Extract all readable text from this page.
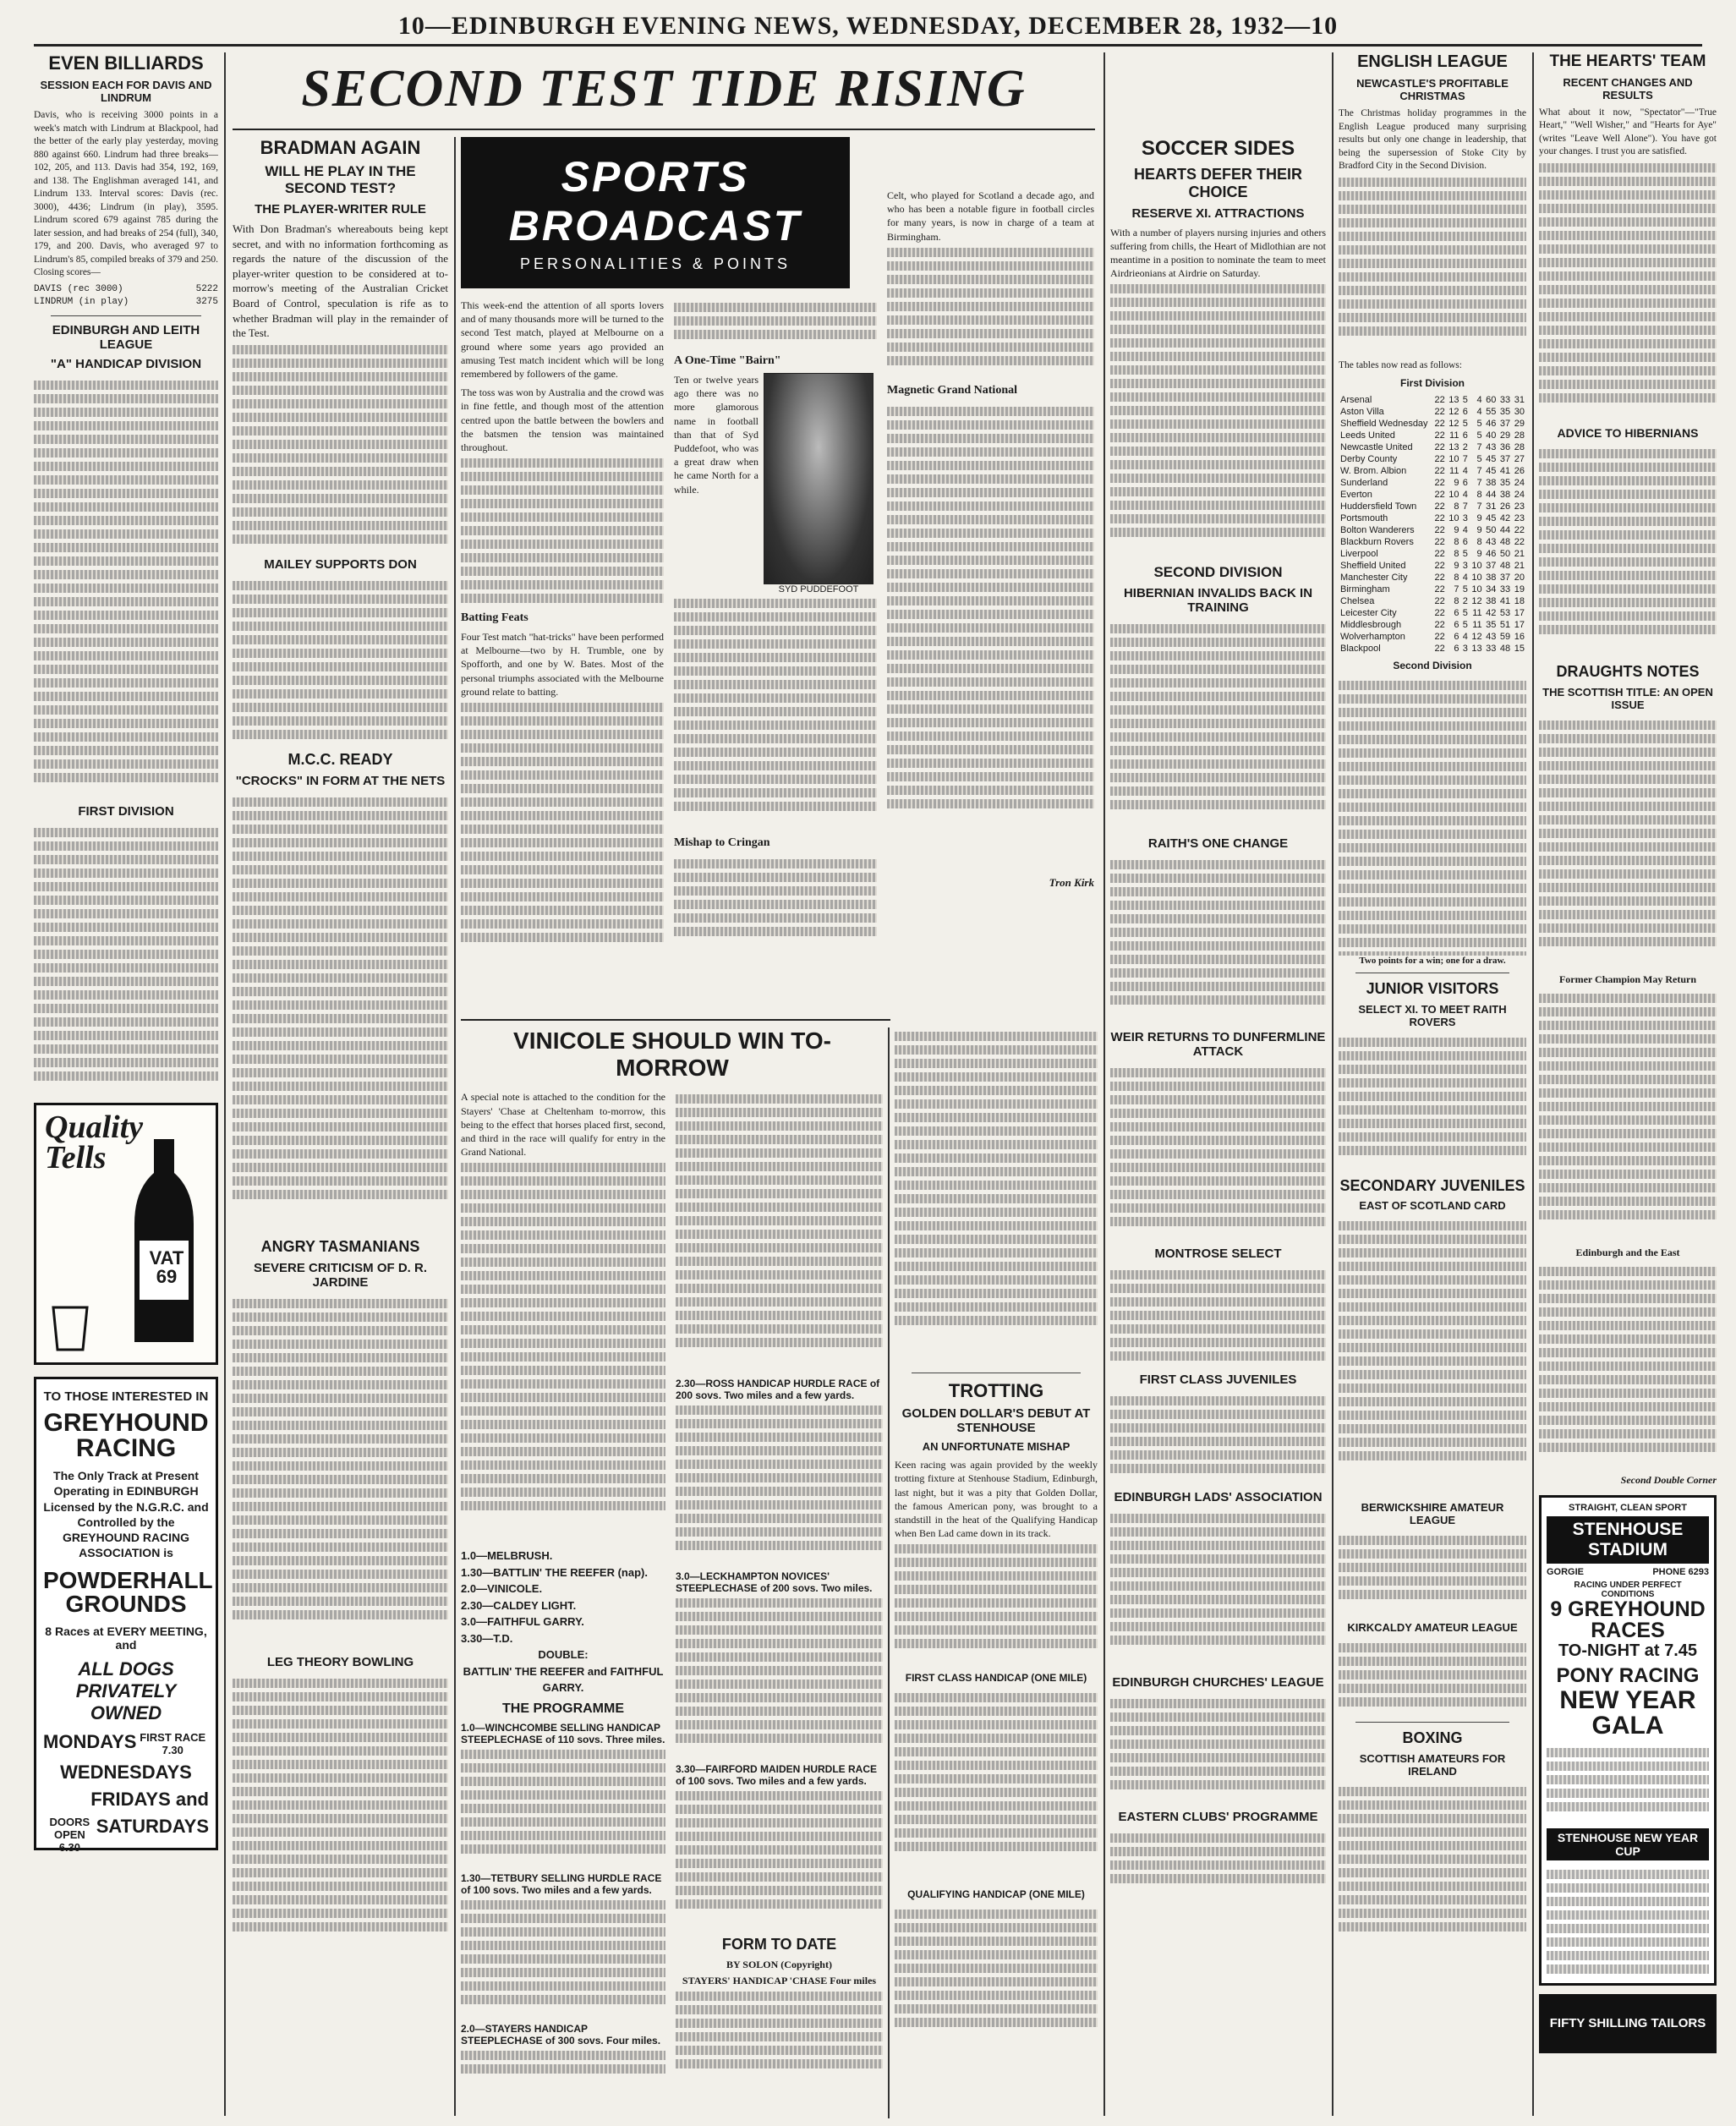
10—EDINBURGH EVENING NEWS, WEDNESDAY, DECEMBER 28, 1932—10
EVEN BILLIARDS
SESSION EACH FOR DAVIS AND LINDRUM
Davis, who is receiving 3000 points in a week's match with Lindrum at Blackpool, had the better of the early play yesterday, moving 880 against 660. Lindrum had three breaks—102, 205, and 113. Davis had 354, 192, 169, and 138. The Englishman averaged 141, and Lindrum 133. Interval scores: Davis (rec. 3000), 4436; Lindrum (in play), 3595. Lindrum scored 679 against 785 during the later session, and had breaks of 254 (full), 340, 179, and 200. Davis, who averaged 97 to Lindrum's 85, compiled breaks of 379 and 250. Closing scores—
DAVIS (rec 3000)	5222
LINDRUM (in play)	3275
EDINBURGH AND LEITH LEAGUE
"A" HANDICAP DIVISION
FIRST DIVISION
Quality Tells
VAT 69
TO THOSE INTERESTED IN
GREYHOUND RACING
The Only Track at Present Operating in EDINBURGH Licensed by the N.G.R.C. and Controlled by the GREYHOUND RACING ASSOCIATION is
POWDERHALL GROUNDS
8 Races at EVERY MEETING, and
ALL DOGS PRIVATELY OWNED
MONDAYS FIRST RACE 7.30
WEDNESDAYS
FRIDAYS and
DOORS OPEN 6.30
SATURDAYS
SECOND TEST TIDE RISING
BRADMAN AGAIN
WILL HE PLAY IN THE SECOND TEST?
THE PLAYER-WRITER RULE
With Don Bradman's whereabouts being kept secret, and with no information forthcoming as regards the nature of the discussion of the player-writer question to be considered at to-morrow's meeting of the Australian Cricket Board of Control, speculation is rife as to whether Bradman will play in the remainder of the Test.
MAILEY SUPPORTS DON
M.C.C. READY
"CROCKS" IN FORM AT THE NETS
ANGRY TASMANIANS
SEVERE CRITICISM OF D. R. JARDINE
LEG THEORY BOWLING
SPORTS BROADCAST
PERSONALITIES & POINTS
This week-end the attention of all sports lovers and of many thousands more will be turned to the second Test match, played at Melbourne on a ground where some years ago provided an amusing Test match incident which will be long remembered by followers of the game.
The toss was won by Australia and the crowd was in fine fettle, and though most of the attention centred upon the battle between the bowlers and the batsmen the tension was maintained throughout.
Batting Feats
Four Test match "hat-tricks" have been performed at Melbourne—two by H. Trumble, one by Spofforth, and one by W. Bates. Most of the personal triumphs associated with the Melbourne ground relate to batting.
A One-Time "Bairn"
Ten or twelve years ago there was no more glamorous name in football than that of Syd Puddefoot, who was a great draw when he came North for a while.
SYD PUDDEFOOT
Mishap to Cringan
Celt, who played for Scotland a decade ago, and who has been a notable figure in football circles for many years, is now in charge of a team at Birmingham.
Magnetic Grand National
Tron Kirk
VINICOLE SHOULD WIN TO-MORROW
A special note is attached to the condition for the Stayers' 'Chase at Cheltenham to-morrow, this being to the effect that horses placed first, second, and third in the race will qualify for entry in the Grand National.
1.0—MELBRUSH.
1.30—BATTLIN' THE REEFER (nap).
2.0—VINICOLE.
2.30—CALDEY LIGHT.
3.0—FAITHFUL GARRY.
3.30—T.D.
DOUBLE:
BATTLIN' THE REEFER and FAITHFUL GARRY.
THE PROGRAMME
1.0—WINCHCOMBE SELLING HANDICAP STEEPLECHASE of 110 sovs. Three miles.
1.30—TETBURY SELLING HURDLE RACE of 100 sovs. Two miles and a few yards.
2.0—STAYERS HANDICAP STEEPLECHASE of 300 sovs. Four miles.
2.30—ROSS HANDICAP HURDLE RACE of 200 sovs. Two miles and a few yards.
3.0—LECKHAMPTON NOVICES' STEEPLECHASE of 200 sovs. Two miles.
3.30—FAIRFORD MAIDEN HURDLE RACE of 100 sovs. Two miles and a few yards.
FORM TO DATE
BY SOLON (Copyright)
STAYERS' HANDICAP 'CHASE Four miles
TROTTING
GOLDEN DOLLAR'S DEBUT AT STENHOUSE
AN UNFORTUNATE MISHAP
Keen racing was again provided by the weekly trotting fixture at Stenhouse Stadium, Edinburgh, last night, but it was a pity that Golden Dollar, the famous American pony, was brought to a standstill in the heat of the Qualifying Handicap when Ben Lad came down in its track.
FIRST CLASS HANDICAP (ONE MILE)
QUALIFYING HANDICAP (ONE MILE)
SOCCER SIDES
HEARTS DEFER THEIR CHOICE
RESERVE XI. ATTRACTIONS
With a number of players nursing injuries and others suffering from chills, the Heart of Midlothian are not meantime in a position to nominate the team to meet Airdrieonians at Airdrie on Saturday.
SECOND DIVISION
HIBERNIAN INVALIDS BACK IN TRAINING
RAITH'S ONE CHANGE
WEIR RETURNS TO DUNFERMLINE ATTACK
MONTROSE SELECT
FIRST CLASS JUVENILES
EDINBURGH LADS' ASSOCIATION
EDINBURGH CHURCHES' LEAGUE
EASTERN CLUBS' PROGRAMME
ENGLISH LEAGUE
NEWCASTLE'S PROFITABLE CHRISTMAS
The Christmas holiday programmes in the English League produced many surprising results but only one change in leadership, that being the supersession of Stoke City by Bradford City in the Second Division.
The tables now read as follows:
First Division
Arsenal	22	13	5	4	60	33	31
Aston Villa	22	12	6	4	55	35	30
Sheffield Wednesday	22	12	5	5	46	37	29
Leeds United	22	11	6	5	40	29	28
Newcastle United	22	13	2	7	43	36	28
Derby County	22	10	7	5	45	37	27
W. Brom. Albion	22	11	4	7	45	41	26
Sunderland	22	9	6	7	38	35	24
Everton	22	10	4	8	44	38	24
Huddersfield Town	22	8	7	7	31	26	23
Portsmouth	22	10	3	9	45	42	23
Bolton Wanderers	22	9	4	9	50	44	22
Blackburn Rovers	22	8	6	8	43	48	22
Liverpool	22	8	5	9	46	50	21
Sheffield United	22	9	3	10	37	48	21
Manchester City	22	8	4	10	38	37	20
Birmingham	22	7	5	10	34	33	19
Chelsea	22	8	2	12	38	41	18
Leicester City	22	6	5	11	42	53	17
Middlesbrough	22	6	5	11	35	51	17
Wolverhampton	22	6	4	12	43	59	16
Blackpool	22	6	3	13	33	48	15
Second Division
Two points for a win; one for a draw.
JUNIOR VISITORS
SELECT XI. TO MEET RAITH ROVERS
SECONDARY JUVENILES
EAST OF SCOTLAND CARD
BERWICKSHIRE AMATEUR LEAGUE
KIRKCALDY AMATEUR LEAGUE
BOXING
SCOTTISH AMATEURS FOR IRELAND
THE HEARTS' TEAM
RECENT CHANGES AND RESULTS
What about it now, "Spectator"—"True Heart," "Well Wisher," and "Hearts for Aye" (writes "Leave Well Alone"). You have got your changes. I trust you are satisfied.
ADVICE TO HIBERNIANS
DRAUGHTS NOTES
THE SCOTTISH TITLE: AN OPEN ISSUE
Former Champion May Return
Edinburgh and the East
Second Double Corner
STRAIGHT, CLEAN SPORT
STENHOUSE STADIUM
GORGIE	PHONE 6293
RACING UNDER PERFECT CONDITIONS
9 GREYHOUND RACES
TO-NIGHT at 7.45
PONY RACING
NEW YEAR GALA
STENHOUSE NEW YEAR CUP
FIFTY SHILLING TAILORS
